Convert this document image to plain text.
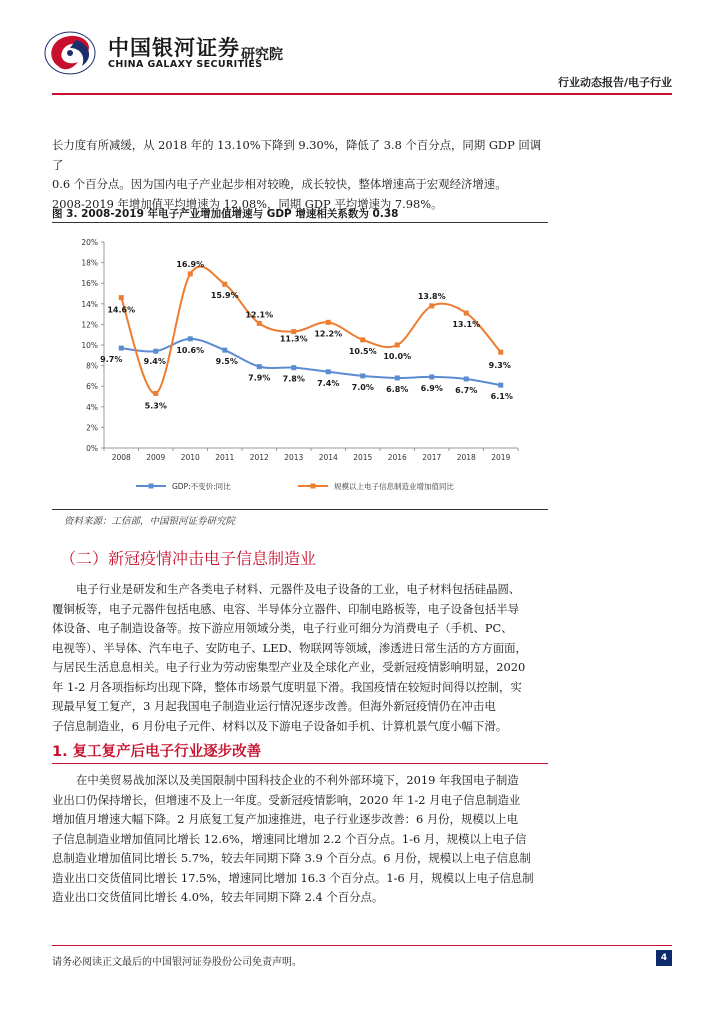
中国银河证券
CHINA GALAXY SECURITIES
研究院
行业动态报告/电子行业

长力度有所减缓，从 2018 年的 13.10%下降到 9.30%，降低了 3.8 个百分点，同期 GDP 回调了

0.6 个百分点。因为国内电子产业起步相对较晚，成长较快，整体增速高于宏观经济增速。

2008-2019 年增加值平均增速为 12.08%，同期 GDP 平均增速为 7.98%。

图 3. 2008-2019 年电子产业增加值增速与 GDP 增速相关系数为 0.38
0%
2%
4%
6%
8%
10%
12%
14%
16%
18%
20%
2008 2009 2010 2011 2012 2013 2014 2015 2016 2017 2018 2019
9.7%	9.4%
10.6%
9.5%
7.9% 7.8% 7.4% 7.0% 6.8% 6.9% 6.7%
6.1%
14.6%
5.3%
16.9%
15.9%
12.1%
11.3%
12.2%
10.5%
10.0%
13.8%
13.1%
9.3%
GDP:不变价:同比	规模以上电子信息制造业增加值同比
资料来源：工信部，中国银河证券研究院
（二）新冠疫情冲击电子信息制造业

电子行业是研发和生产各类电子材料、元器件及电子设备的工业，电子材料包括硅晶圆、

覆铜板等，电子元器件包括电感、电容、半导体分立器件、印制电路板等，电子设备包括半导

体设备、电子制造设备等。按下游应用领域分类，电子行业可细分为消费电子（手机、PC、

电视等）、半导体、汽车电子、安防电子、LED、物联网等领域，渗透进日常生活的方方面面，

与居民生活息息相关。电子行业为劳动密集型产业及全球化产业，受新冠疫情影响明显，2020

年 1-2 月各项指标均出现下降，整体市场景气度明显下滑。我国疫情在较短时间得以控制，实

现最早复工复产，3 月起我国电子制造业运行情况逐步改善。但海外新冠疫情仍在冲击电

子信息制造业，6 月份电子元件、材料以及下游电子设备如手机、计算机景气度小幅下滑。

1. 复工复产后电子行业逐步改善

在中美贸易战加深以及美国限制中国科技企业的不利外部环境下，2019 年我国电子制造

业出口仍保持增长，但增速不及上一年度。受新冠疫情影响，2020 年 1-2 月电子信息制造业

增加值月增速大幅下降。2 月底复工复产加速推进，电子行业逐步改善：6 月份，规模以上电

子信息制造业增加值同比增长 12.6%，增速同比增加 2.2 个百分点。1-6 月，规模以上电子信

息制造业增加值同比增长 5.7%，较去年同期下降 3.9 个百分点。6 月份，规模以上电子信息制

造业出口交货值同比增长 17.5%，增速同比增加 16.3 个百分点。1-6 月，规模以上电子信息制

造业出口交货值同比增长 4.0%，较去年同期下降 2.4 个百分点。

请务必阅读正文最后的中国银河证券股份公司免责声明。	4
